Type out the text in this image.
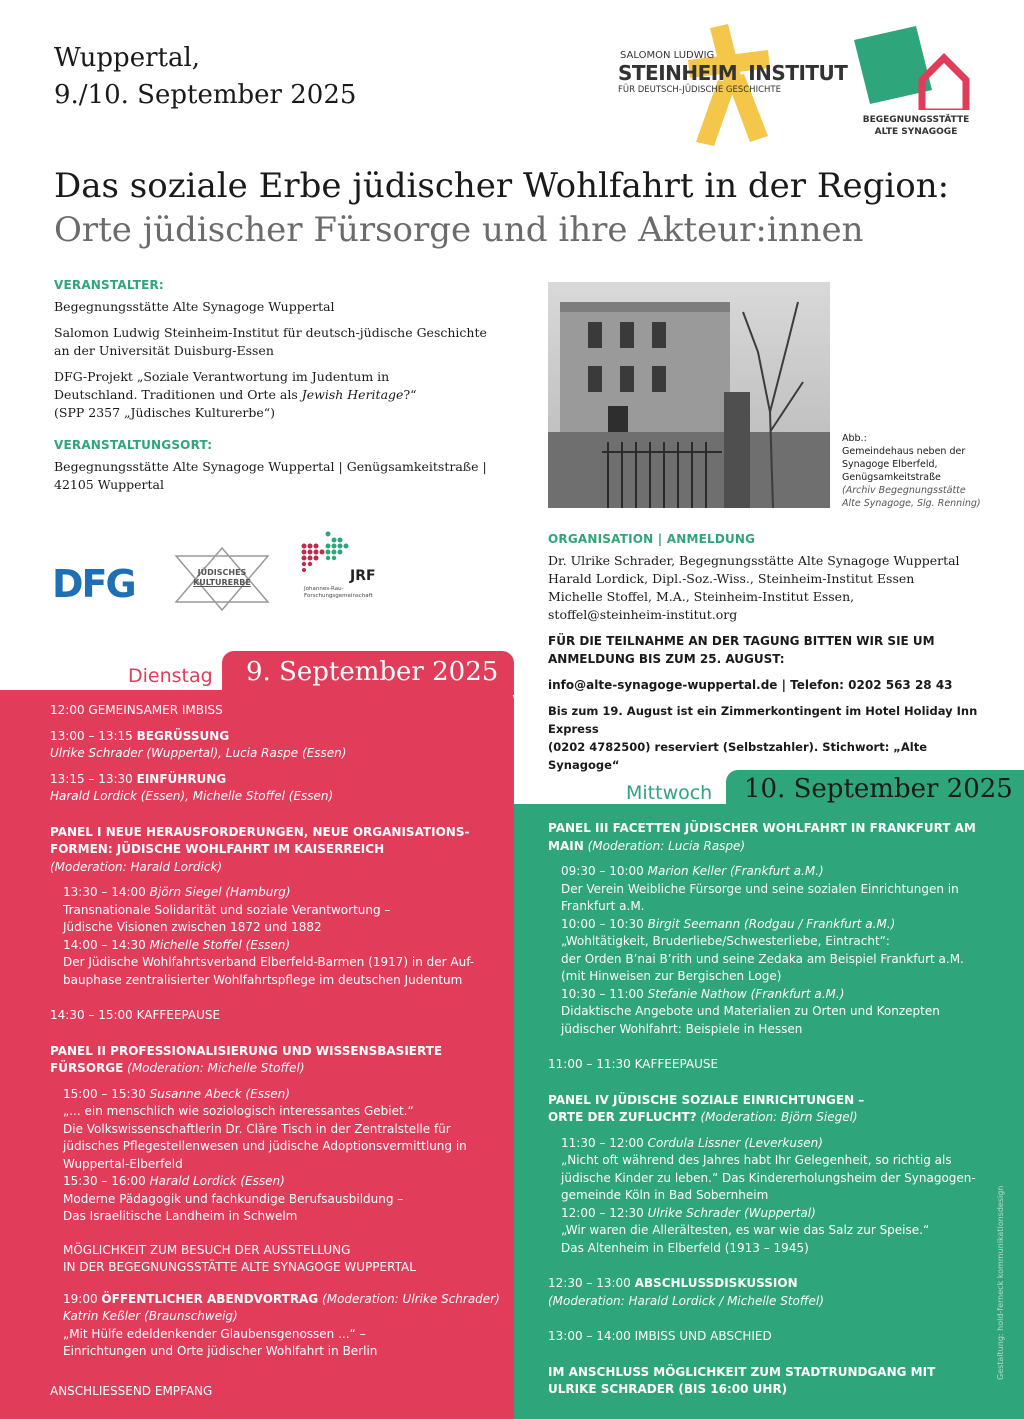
Wuppertal,
9./10. September 2025
SALOMON LUDWIG
STEINHEIM INSTITUT
FÜR DEUTSCH-JÜDISCHE GESCHICHTE
BEGEGNUNGSSTÄTTE
ALTE SYNAGOGE
Das soziale Erbe jüdischer Wohlfahrt in der Region:
Orte jüdischer Fürsorge und ihre Akteur:innen
VERANSTALTER:

Begegnungsstätte Alte Synagoge Wuppertal

Salomon Ludwig Steinheim-Institut für deutsch-jüdische Geschichte
an der Universität Duisburg-Essen

DFG-Projekt „Soziale Verantwortung im Judentum in
Deutschland. Traditionen und Orte als Jewish Heritage?“
(SPP 2357 „Jüdisches Kulturerbe“)

VERANSTALTUNGSORT:
Begegnungsstätte Alte Synagoge Wuppertal | Genügsamkeitstraße |
42105 Wuppertal
DFG	JÜDISCHES
KULTURERBE	JRF
Johannes-Rau-
Forschungsgemeinschaft
Abb.:
Gemeindehaus neben der
Synagoge Elberfeld,
Genügsamkeitstraße
(Archiv Begegnungsstätte
Alte Synagoge, Slg. Renning)
ORGANISATION | ANMELDUNG
Dr. Ulrike Schrader, Begegnungsstätte Alte Synagoge Wuppertal
Harald Lordick, Dipl.-Soz.-Wiss., Steinheim-Institut Essen
Michelle Stoffel, M.A., Steinheim-Institut Essen,
stoffel@steinheim-institut.org
FÜR DIE TEILNAHME AN DER TAGUNG BITTEN WIR SIE UM
ANMELDUNG BIS ZUM 25. AUGUST:
info@alte-synagoge-wuppertal.de | Telefon: 0202 563 28 43
Bis zum 19. August ist ein Zimmerkontingent im Hotel Holiday Inn Express
(0202 4782500) reserviert (Selbstzahler). Stichwort: „Alte Synagoge“
Dienstag 9. September 2025
12:00 GEMEINSAMER IMBISS
13:00 – 13:15 BEGRÜSSUNG
Ulrike Schrader (Wuppertal), Lucia Raspe (Essen)
13:15 – 13:30 EINFÜHRUNG
Harald Lordick (Essen), Michelle Stoffel (Essen)
PANEL I NEUE HERAUSFORDERUNGEN, NEUE ORGANISATIONS-
FORMEN: JÜDISCHE WOHLFAHRT IM KAISERREICH
(Moderation: Harald Lordick)
13:30 – 14:00 Björn Siegel (Hamburg)
Transnationale Solidarität und soziale Verantwortung –
Jüdische Visionen zwischen 1872 und 1882
14:00 – 14:30 Michelle Stoffel (Essen)
Der Jüdische Wohlfahrtsverband Elberfeld-Barmen (1917) in der Auf-
bauphase zentralisierter Wohlfahrtspflege im deutschen Judentum
14:30 – 15:00 KAFFEEPAUSE
PANEL II PROFESSIONALISIERUNG UND WISSENSBASIERTE
FÜRSORGE (Moderation: Michelle Stoffel)
15:00 – 15:30 Susanne Abeck (Essen)
„... ein menschlich wie soziologisch interessantes Gebiet.“
Die Volkswissenschaftlerin Dr. Cläre Tisch in der Zentralstelle für
jüdisches Pflegestellenwesen und jüdische Adoptionsvermittlung in
Wuppertal-Elberfeld
15:30 – 16:00 Harald Lordick (Essen)
Moderne Pädagogik und fachkundige Berufsausbildung –
Das Israelitische Landheim in Schwelm
MÖGLICHKEIT ZUM BESUCH DER AUSSTELLUNG
IN DER BEGEGNUNGSSTÄTTE ALTE SYNAGOGE WUPPERTAL
19:00 ÖFFENTLICHER ABENDVORTRAG (Moderation: Ulrike Schrader)
Katrin Keßler (Braunschweig)
„Mit Hülfe edeldenkender Glaubensgenossen ...“ –
Einrichtungen und Orte jüdischer Wohlfahrt in Berlin
ANSCHLIESSEND EMPFANG
Mittwoch 10. September 2025
PANEL III FACETTEN JÜDISCHER WOHLFAHRT IN FRANKFURT AM
MAIN (Moderation: Lucia Raspe)
09:30 – 10:00 Marion Keller (Frankfurt a.M.)
Der Verein Weibliche Fürsorge und seine sozialen Einrichtungen in
Frankfurt a.M.
10:00 – 10:30 Birgit Seemann (Rodgau / Frankfurt a.M.)
„Wohltätigkeit, Bruderliebe/Schwesterliebe, Eintracht“:
der Orden B’nai B’rith und seine Zedaka am Beispiel Frankfurt a.M.
(mit Hinweisen zur Bergischen Loge)
10:30 – 11:00 Stefanie Nathow (Frankfurt a.M.)
Didaktische Angebote und Materialien zu Orten und Konzepten
jüdischer Wohlfahrt: Beispiele in Hessen
11:00 – 11:30 KAFFEEPAUSE
PANEL IV JÜDISCHE SOZIALE EINRICHTUNGEN –
ORTE DER ZUFLUCHT? (Moderation: Björn Siegel)
11:30 – 12:00 Cordula Lissner (Leverkusen)
„Nicht oft während des Jahres habt Ihr Gelegenheit, so richtig als
jüdische Kinder zu leben.“ Das Kindererholungsheim der Synagogen-
gemeinde Köln in Bad Sobernheim
12:00 – 12:30 Ulrike Schrader (Wuppertal)
„Wir waren die Allerältesten, es war wie das Salz zur Speise.“
Das Altenheim in Elberfeld (1913 – 1945)
12:30 – 13:00 ABSCHLUSSDISKUSSION
(Moderation: Harald Lordick / Michelle Stoffel)
13:00 – 14:00 IMBISS UND ABSCHIED
IM ANSCHLUSS MÖGLICHKEIT ZUM STADTRUNDGANG MIT
ULRIKE SCHRADER (BIS 16:00 UHR)
Gestaltung: hold-ferneck kommunikationsdesign
